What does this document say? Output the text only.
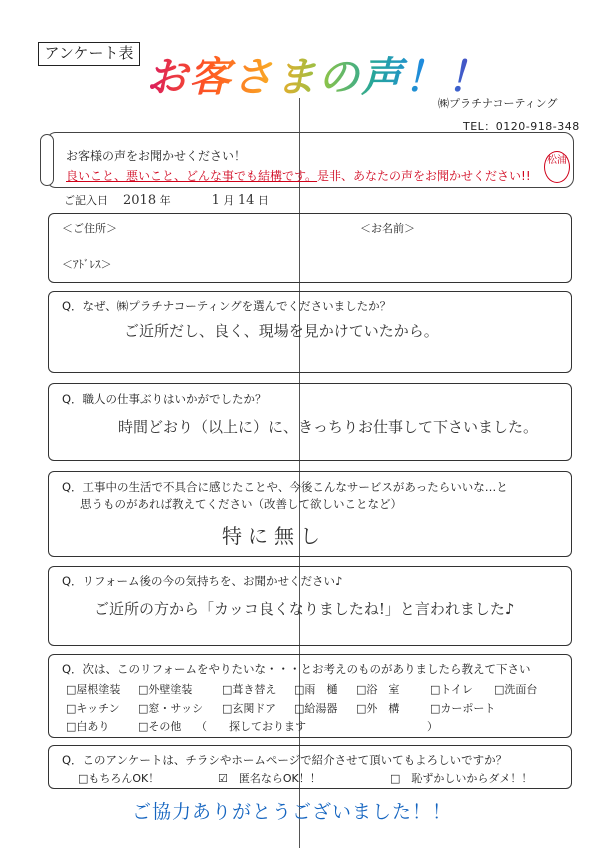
アンケート表 お客さまの声！！
㈱プラチナコーティング
TEL：0120-918-348
お客様の声をお聞かせください！
良いこと、悪いこと、どんな事でも結構です。是非、あなたの声をお聞かせください!!
松浦
ご記入日 2018 年	1 月 14 日
＜ご住所＞	＜お名前＞
＜ｱﾄﾞﾚｽ＞
Q．なぜ、㈱プラチナコーティングを選んでくださいましたか？
ご近所だし、良く、現場を見かけていたから。
Q．職人の仕事ぶりはいかがでしたか？
時間どおり（以上に）に、きっちりお仕事して下さいました。
Q．工事中の生活で不具合に感じたことや、今後こんなサービスがあったらいいな…と
思うものがあれば教えてください（改善して欲しいことなど）
特に無し
Q．リフォーム後の今の気持ちを、お聞かせください♪
ご近所の方から「カッコ良くなりましたね!」と言われました♪
Q．次は、このリフォームをやりたいな・・・とお考えのものがありましたら教えて下さい
□屋根塗装 □外壁塗装	□葺き替え □雨　樋 □浴　室	□トイレ □洗面台
□キッチン □窓・サッシ □玄関ドア □給湯器 □外　構	□カーポート
□白あり	□その他 （　　探しております　　　　　　　　　　　）
Q．このアンケートは、チラシやホームページで紹介させて頂いてもよろしいですか？
□もちろんOK！	☑　匿名ならOK！！	□　恥ずかしいからダメ！！
ご協力ありがとうございました！！
